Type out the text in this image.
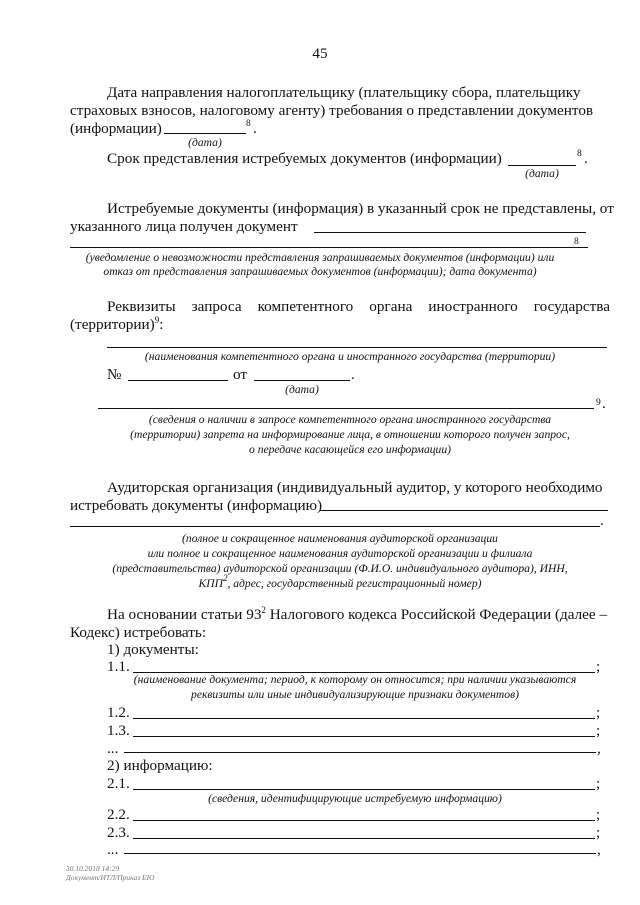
45
Дата направления налогоплательщику (плательщику сбора, плательщику
страховых взносов, налоговому агенту) требования о представлении документов
(информации)	8 .
(дата)
Срок представления истребуемых документов (информации)	8 .
(дата)
Истребуемые документы (информация) в указанный срок не представлены, от
указанного лица получен документ
8
(уведомление о невозможности представления запрашиваемых документов (информации) или
отказ от представления запрашиваемых документов (информации); дата документа)
Реквизиты запроса компетентного органа иностранного государства
(территории)$^9$:
(наименования компетентного органа и иностранного государства (территории)
№	от	.
(дата)
9 .
(сведения о наличии в запросе компетентного органа иностранного государства
(территории) запрета на информирование лица, в отношении которого получен запрос,
о передаче касающейся его информации)
Аудиторская организация (индивидуальный аудитор, у которого необходимо
истребовать документы (информацию)
.
(полное и сокращенное наименования аудиторской организации
или полное и сокращенное наименования аудиторской организации и филиала
(представительства) аудиторской организации (Ф.И.О. индивидуального аудитора), ИНН,
КПП$^2$, адрес, государственный регистрационный номер)
На основании статьи $93^2$ Налогового кодекса Российской Федерации (далее –
Кодекс) истребовать:
1) документы:
1.1.	;
(наименование документа; период, к которому он относится; при наличии указываются
реквизиты или иные индивидуализирующие признаки документов)
1.2.	;
1.3.	;
...	,
2) информацию:
2.1.	;
(сведения, идентифицирующие истребуемую информацию)
2.2.	;
2.3.	;
...	,
30.10.2018 14:29
Документ/ИТЛ/Приказ ЕЮ
